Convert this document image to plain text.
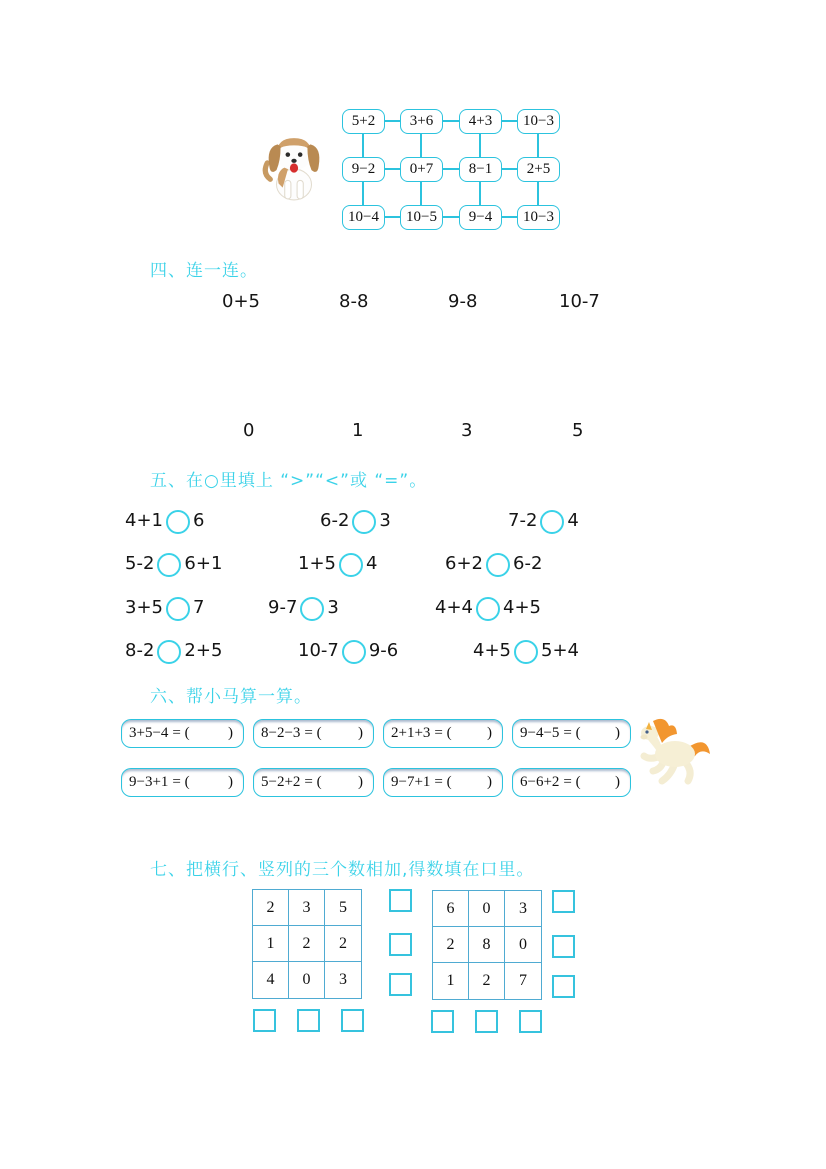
5+2 3+6 4+3 10−3
9−2 0+7 8−1 2+5
10−4 10−5 9−4 10−3
四、连一连。
0+5	8-8	9-8	10-7
0	1	3	5
五、在○里填上 “>”“<”或 “=”。
4+1 6	6-2 3	7-2 4
5-2 6+1	1+5 4	6+2 6-2
3+5 7	9-7 3	4+4 4+5
8-2 2+5	10-7 9-6	4+5 5+4
六、帮小马算一算。
3+5−4 = (	) 8−2−3 = ( ) 2+1+3 = ( ) 9−4−5 = ( )
9−3+1 = (	) 5−2+2 = ( ) 9−7+1 = ( ) 6−6+2 = ( )
七、把横行、竖列的三个数相加,得数填在口里。
2	3	5
1	2	2
4	0	3
6	0	3
2	8	0
1	2	7
